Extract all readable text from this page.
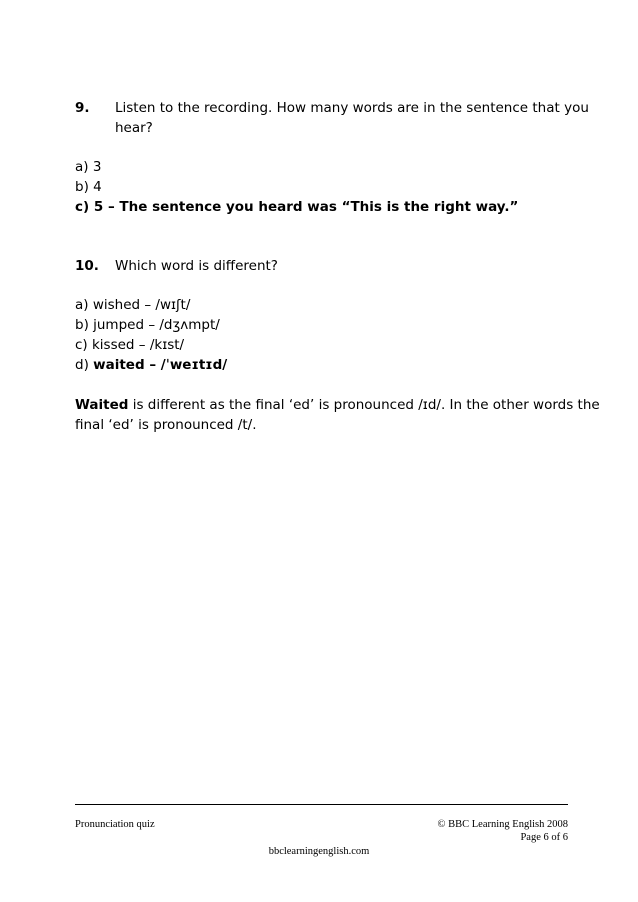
9. Listen to the recording. How many words are in the sentence that you
hear?
a) 3
b) 4
c) 5 – The sentence you heard was “This is the right way.”
10. Which word is different?
a) wished – /wɪʃt/
b) jumped – /dʒʌmpt/
c) kissed – /kɪst/
d) waited – /ˈweɪtɪd/
Waited is different as the final ‘ed’ is pronounced /ɪd/. In the other words the
final ‘ed’ is pronounced /t/.
Pronunciation quiz	© BBC Learning English 2008
Page 6 of 6
bbclearningenglish.com
